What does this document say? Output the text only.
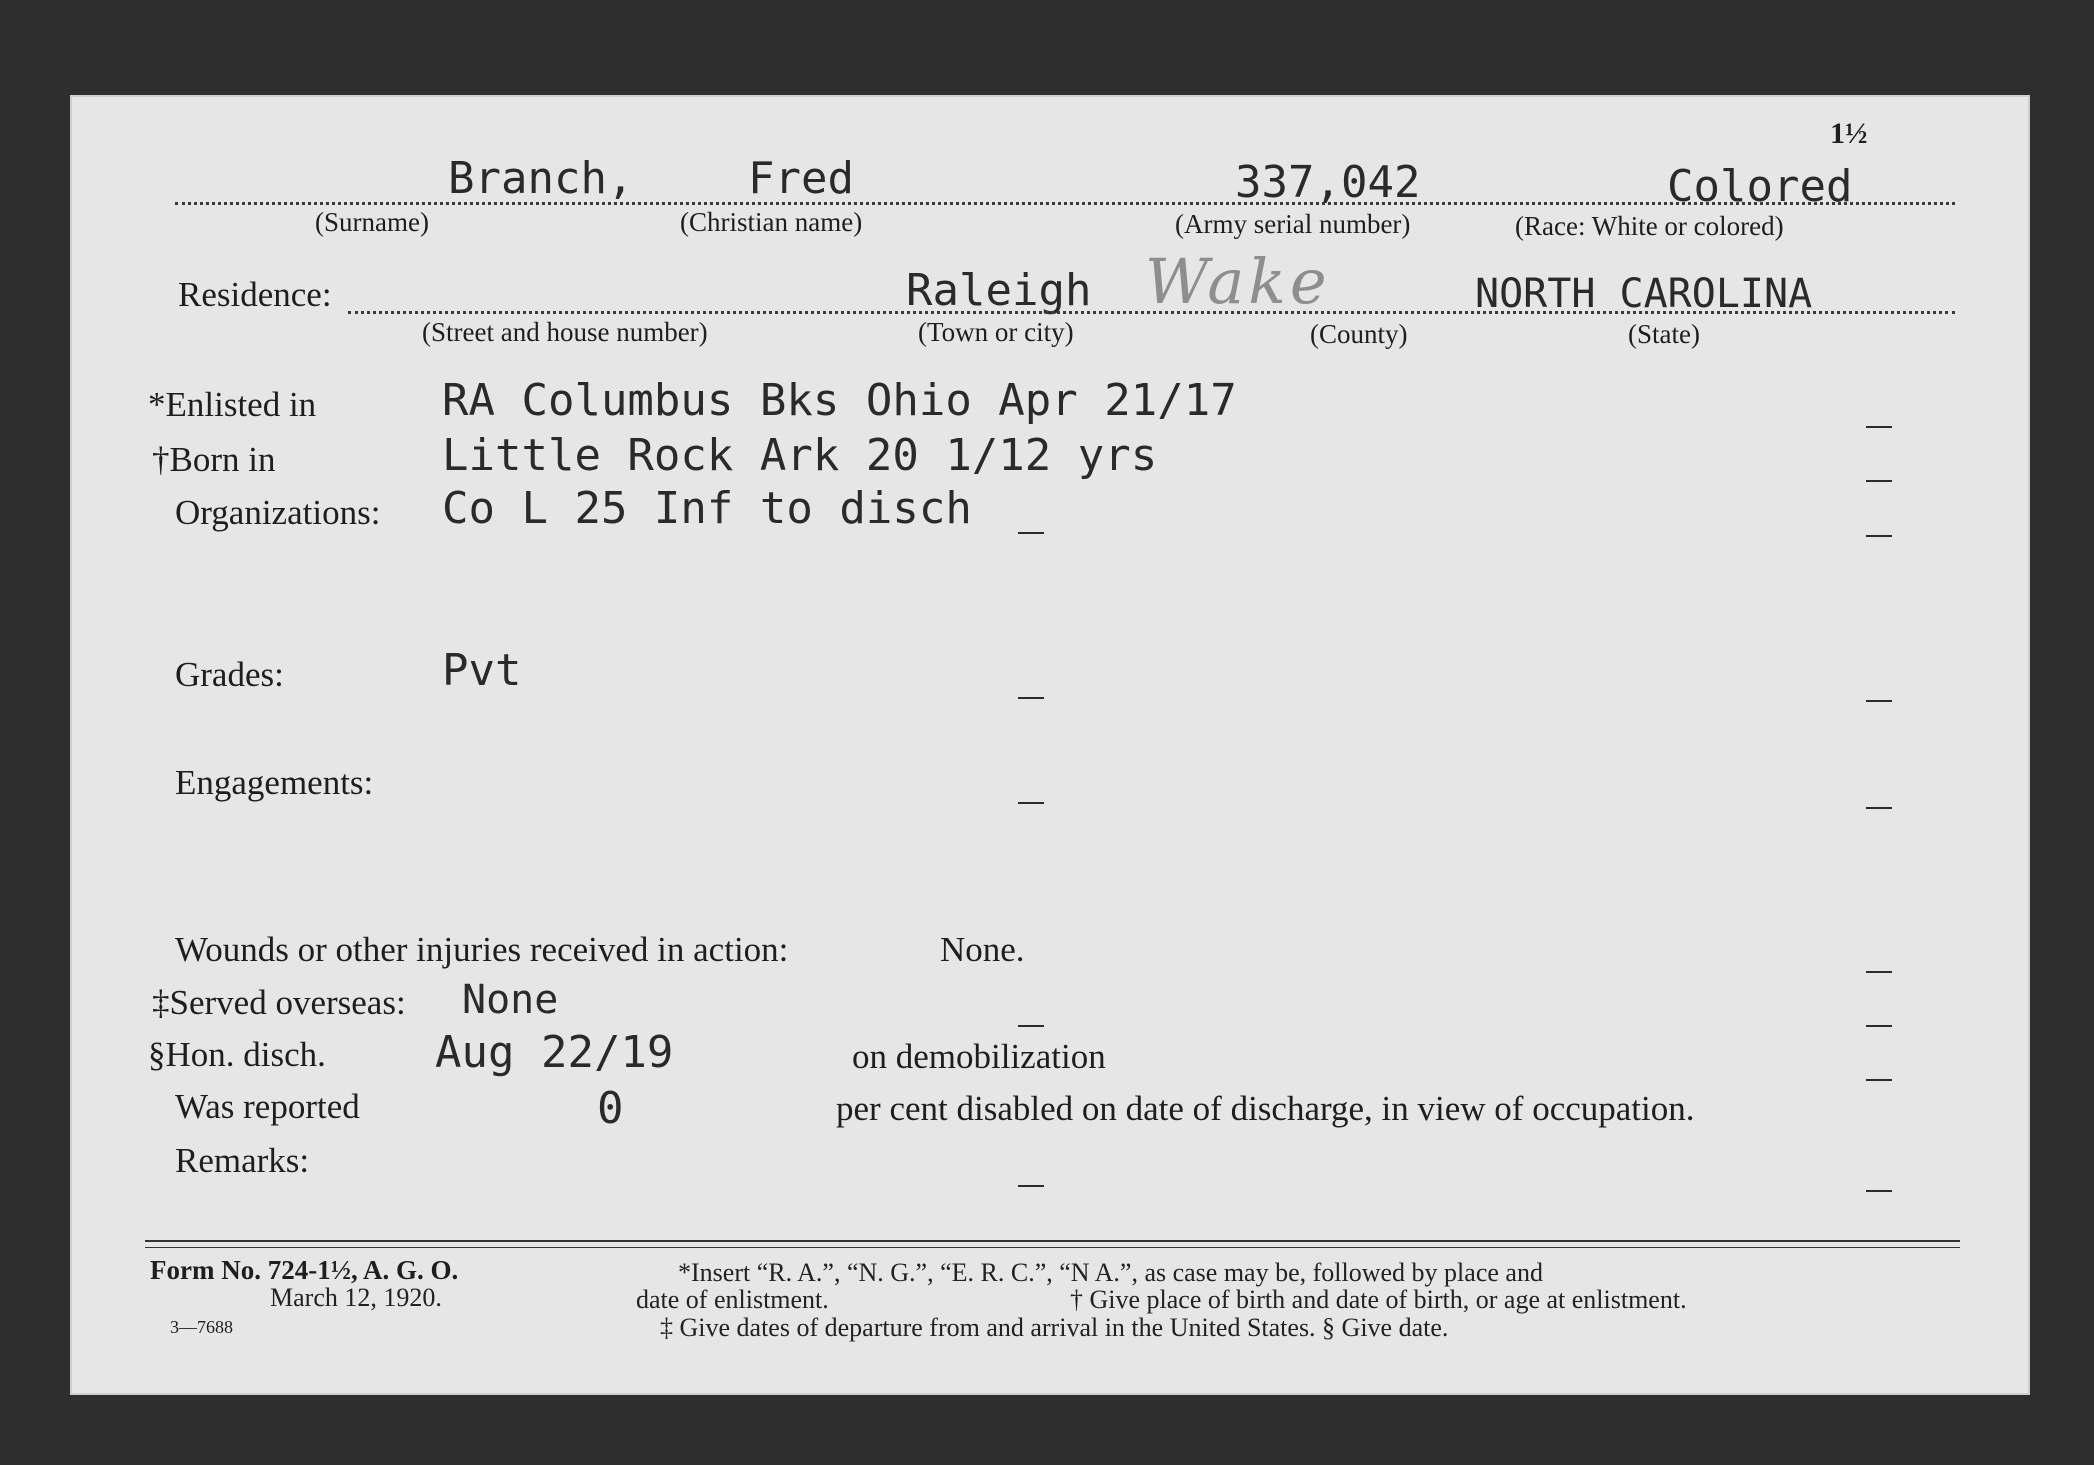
1½
Branch,	Fred	337,042	Colored
(Surname)	(Christian name)	(Army serial number)	(Race: White or colored)
Residence:	Raleigh Wake	NORTH CAROLINA
(Street and house number)	(Town or city)	(County)	(State)
*Enlisted in	RA Columbus Bks Ohio Apr 21/17
†Born in	Little Rock Ark 20 1/12 yrs
Organizations: Co L 25 Inf to disch
Grades:	Pvt
Engagements:
Wounds or other injuries received in action:	None.
‡Served overseas: None
§Hon. disch. Aug 22/19	on demobilization
Was reported	0	per cent disabled on date of discharge, in view of occupation.
Remarks:
Form No. 724-1½, A. G. O.
March 12, 1920.
3—7688
*Insert “R. A.”, “N. G.”, “E. R. C.”, “N A.”, as case may be, followed by place and
date of enlistment.	† Give place of birth and date of birth, or age at enlistment.
‡ Give dates of departure from and arrival in the United States. § Give date.
